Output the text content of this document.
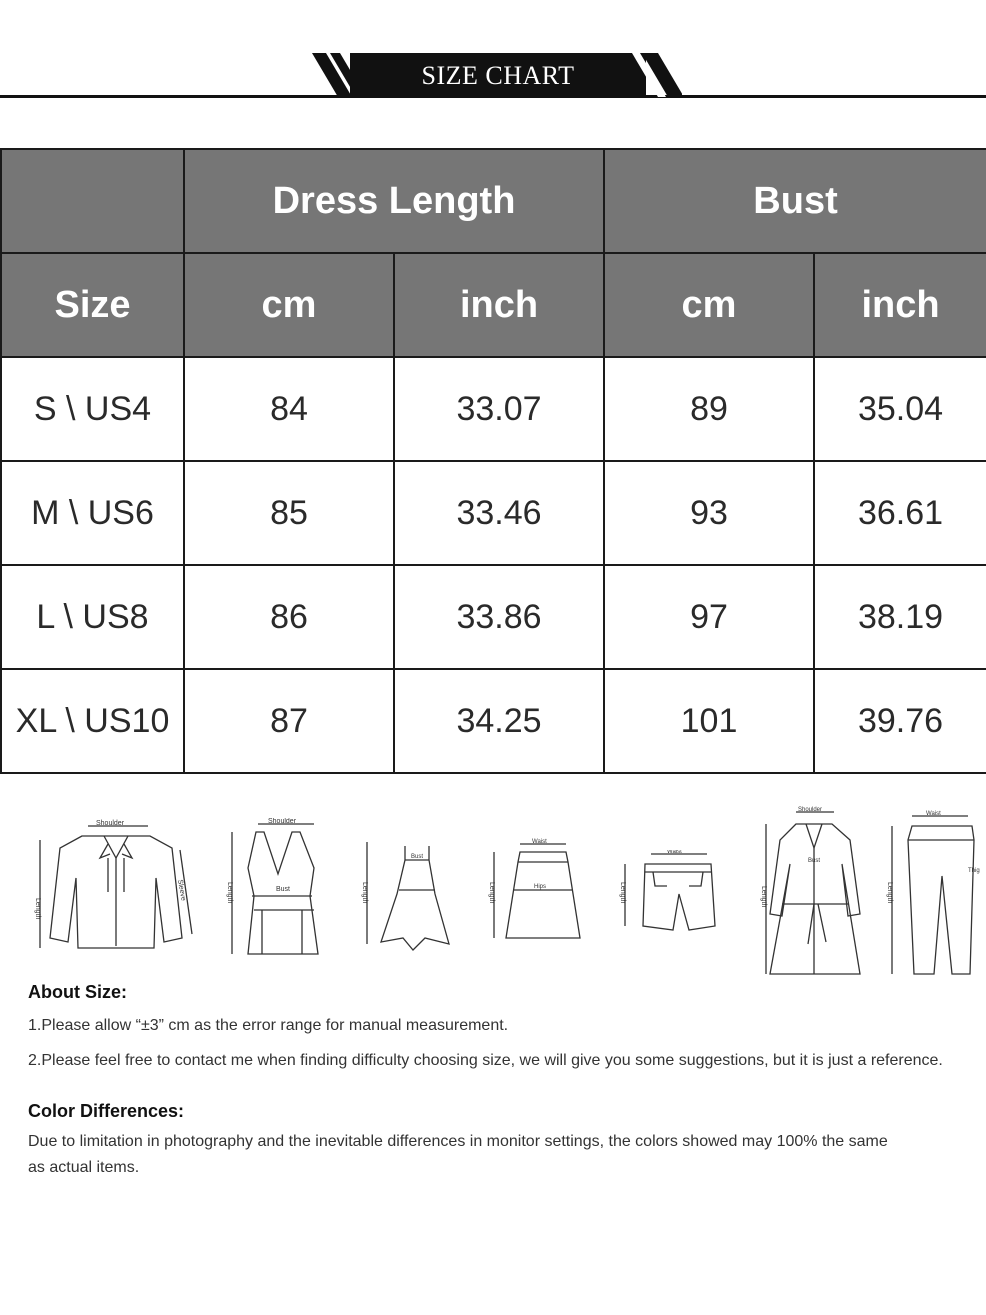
SIZE CHART
	Dress Length		Bust	
Size	cm	inch	cm	inch
S \ US4	84	33.07	89	35.04
M \ US6	85	33.46	93	36.61
L \ US8	86	33.86	97	38.19
XL \ US10	87	34.25	101	39.76
Shoulder
Length
Sleeve
Shoulder
Length	Bust	Length
Bust
Waist
Length	Hips
Waist
Length
Shoulder
Bust
Length
Waist
Length
Thig

About Size:

1.Please allow “±3” cm as the error range for manual measurement.

2.Please feel free to contact me when finding difficulty choosing size, we will give you some suggestions, but it is just a reference.

Color Differences:

Due to limitation in photography and the inevitable differences in monitor settings, the colors showed may 100% the same as actual items.
